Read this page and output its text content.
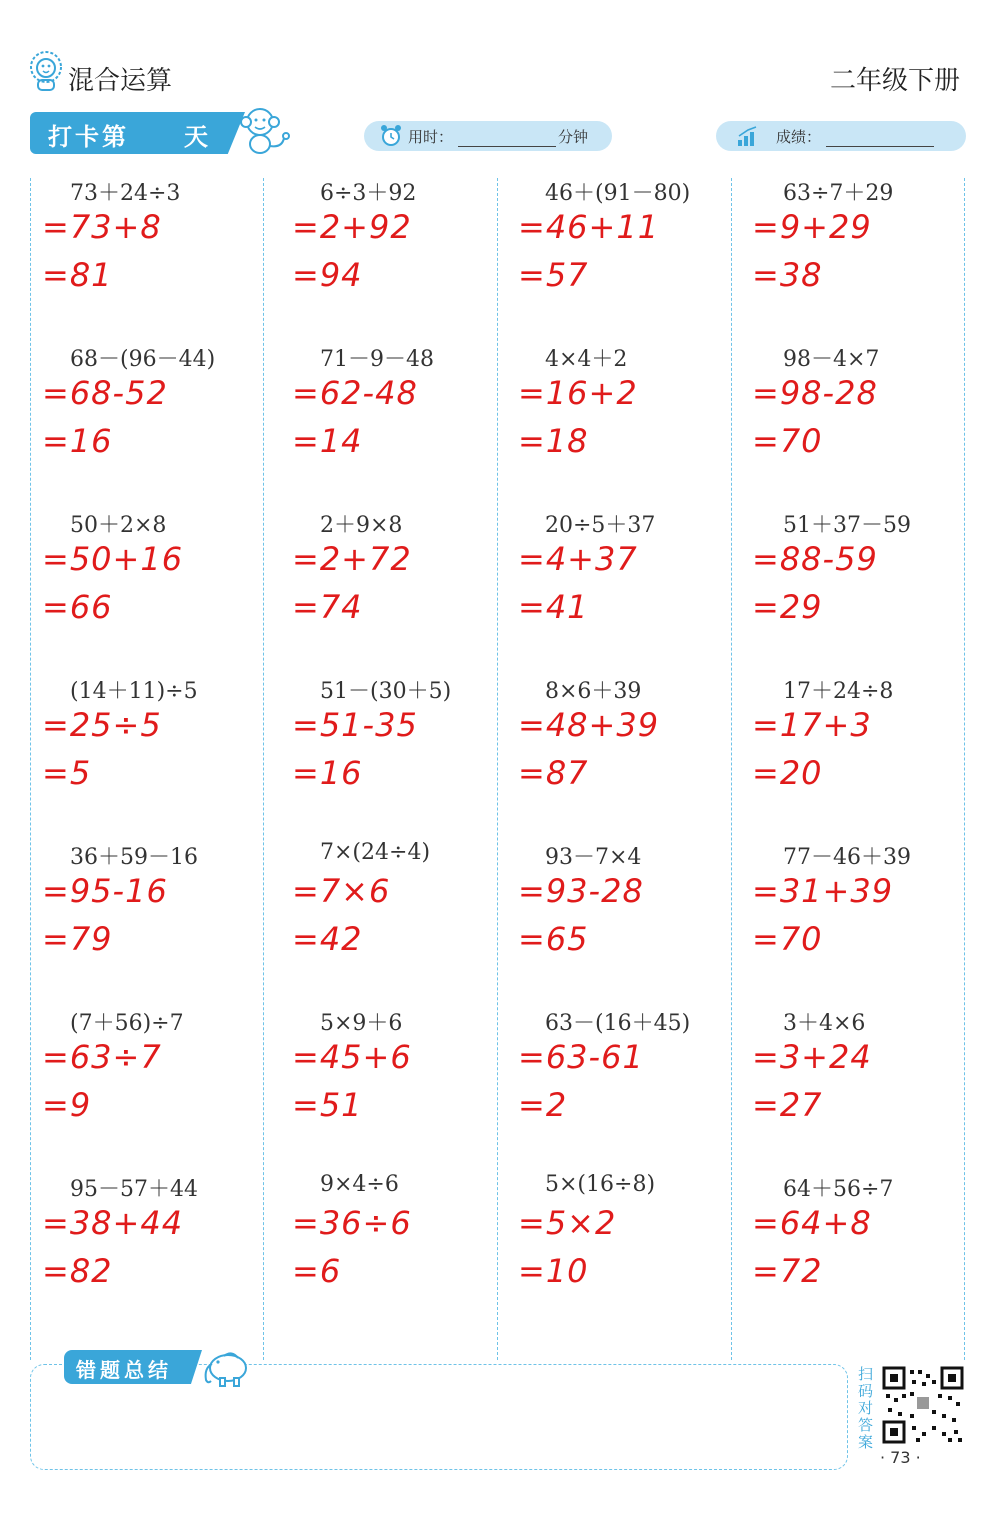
混合运算	二年级下册
打卡第 天	用时：	分钟	成绩：
73＋24÷3
=73+8
=81
68－(96－44)
=68-52
=16
50＋2×8
=50+16
=66
(14＋11)÷5
=25÷5
=5
36＋59－16
=95-16
=79
(7＋56)÷7
=63÷7
=9
95－57＋44
=38+44
=82
6÷3＋92
=2+92
=94
71－9－48
=62-48
=14
2＋9×8
=2+72
=74
51－(30＋5)
=51-35
=16
7×(24÷4)
=7×6
=42
5×9＋6
=45+6
=51
9×4÷6
=36÷6
=6
46＋(91－80)
=46+11
=57
4×4＋2
=16+2
=18
20÷5＋37
=4+37
=41
8×6＋39
=48+39
=87
93－7×4
=93-28
=65
63－(16＋45)
=63-61
=2
5×(16÷8)
=5×2
=10
63÷7＋29
=9+29
=38
98－4×7
=98-28
=70
51＋37－59
=88-59
=29
17＋24÷8
=17+3
=20
77－46＋39
=31+39
=70
3＋4×6
=3+24
=27
64＋56÷7
=64+8
=72
错题总结	扫码对答案
· 73 ·
